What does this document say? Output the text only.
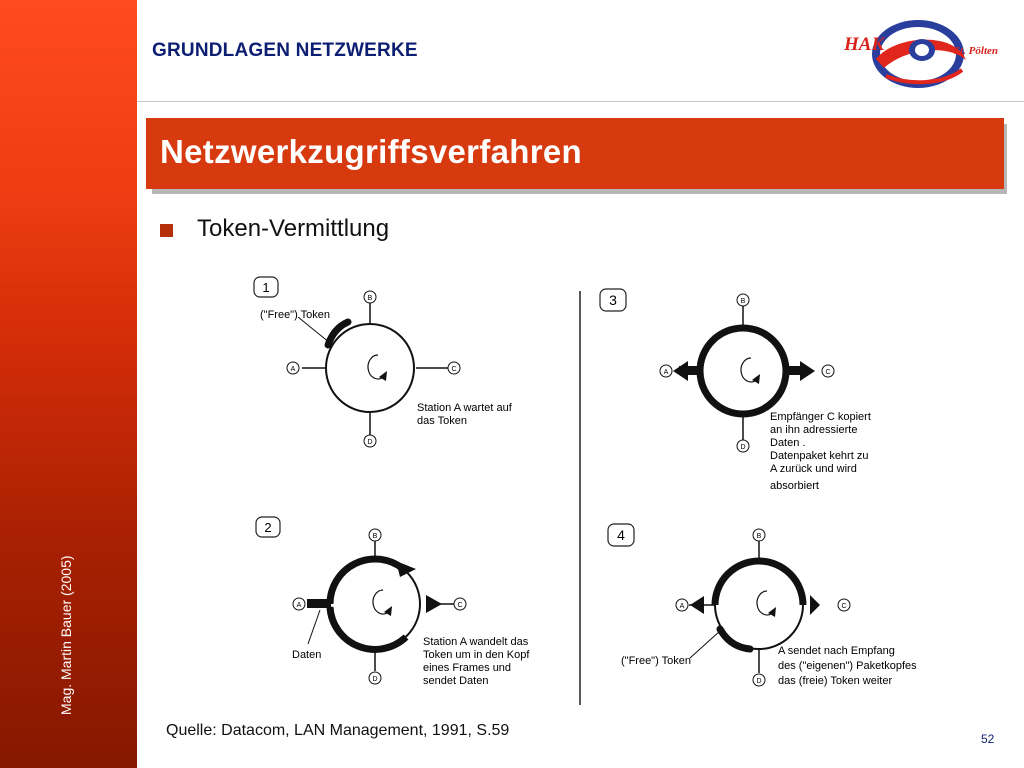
Mag. Martin Bauer (2005)
GRUNDLAGEN NETZWERKE	HAK	St. Pölten
Netzwerkzugriffsverfahren
Token-Vermittlung
1
B
D
A	C
("Free") Token
Station A wartet auf
das Token
2
B
D
A	C
Daten
Station A wandelt das
Token um in den Kopf
eines Frames und
sendet Daten
3	B
D
A	C
Empfänger C kopiert
an ihn adressierte
Daten .
Datenpaket kehrt zu
A zurück und wird
absorbiert
4	B
D
A	C
("Free") Token
A sendet nach Empfang
des ("eigenen") Paketkopfes
das (freie) Token weiter
Quelle: Datacom, LAN Management, 1991, S.59	52
